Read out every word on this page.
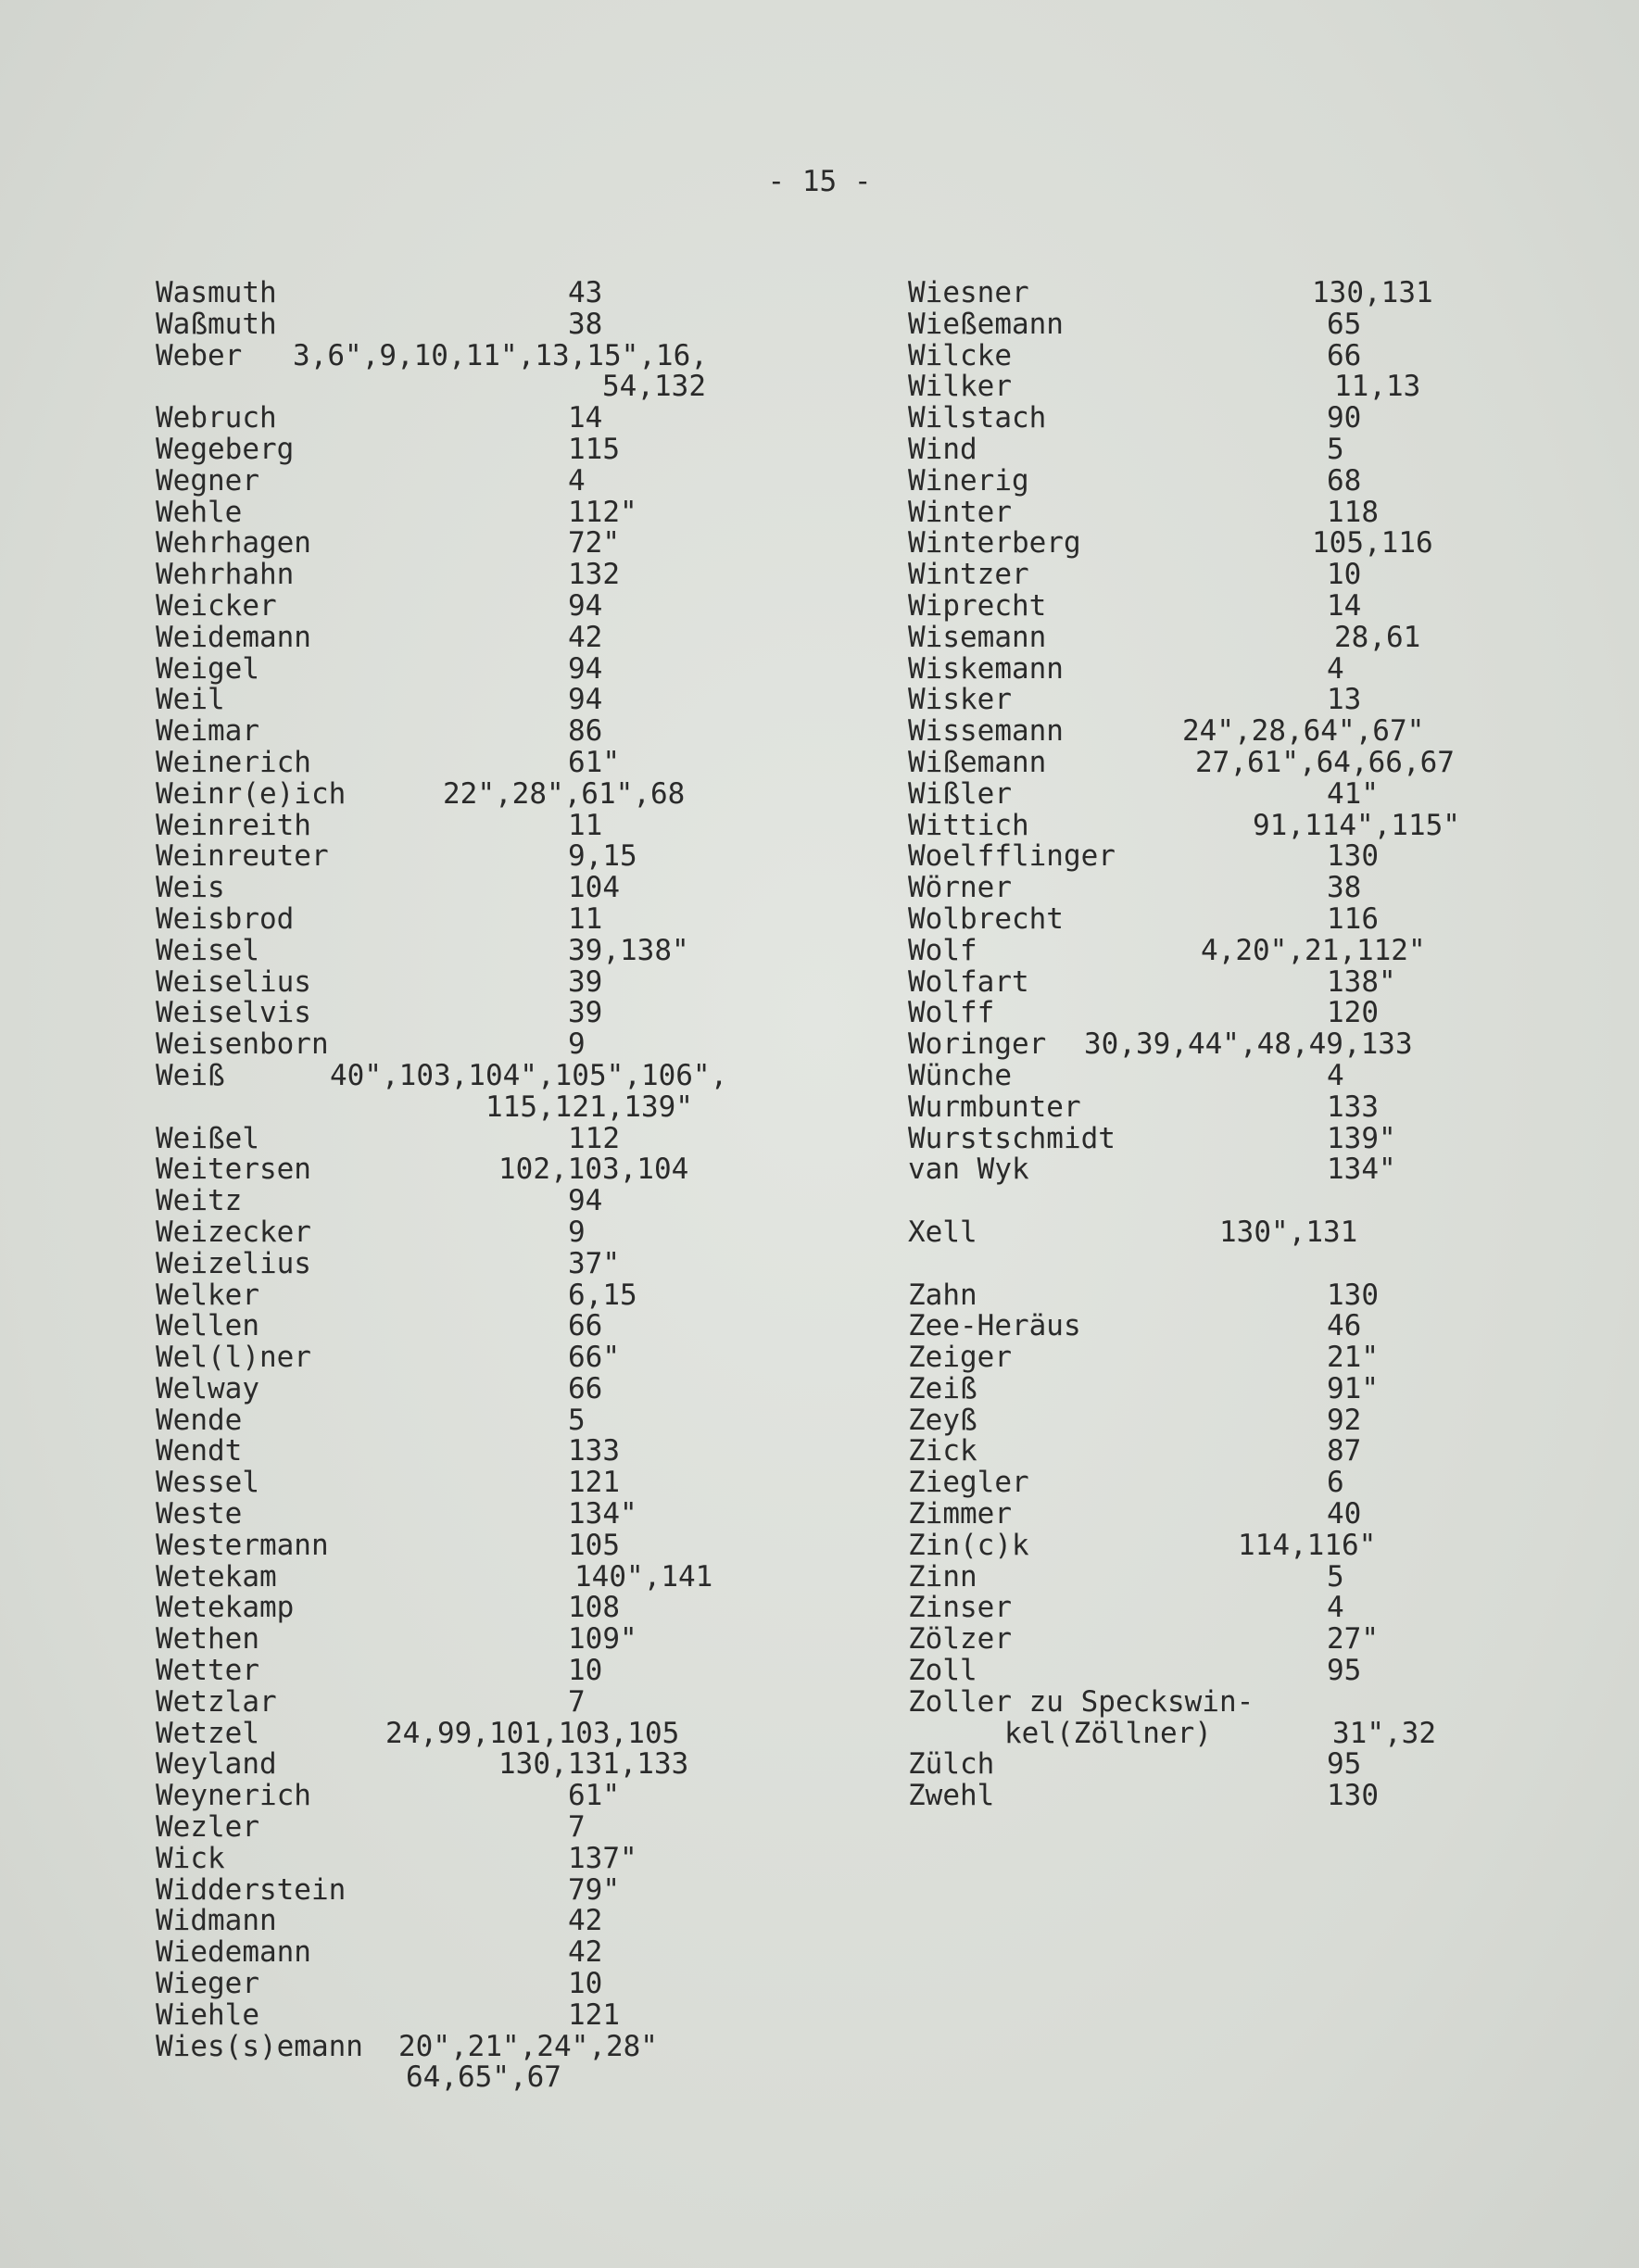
- 15 -
Wasmuth	43
Waßmuth	38
Weber 3,6",9,10,11",13,15",16,
54,132
Webruch	14
Wegeberg	115
Wegner	4
Wehle	112"
Wehrhagen	72"
Wehrhahn	132
Weicker	94
Weidemann	42
Weigel	94
Weil	94
Weimar	86
Weinerich	61"
Weinr(e)ich	22",28",61",68
Weinreith	11
Weinreuter	9,15
Weis	104
Weisbrod	11
Weisel	39,138"
Weiselius	39
Weiselvis	39
Weisenborn	9
Weiß	40",103,104",105",106",
115,121,139"
Weißel	112
Weitersen	102,103,104
Weitz	94
Weizecker	9
Weizelius	37"
Welker	6,15
Wellen	66
Wel(l)ner	66"
Welway	66
Wende	5
Wendt	133
Wessel	121
Weste	134"
Westermann	105
Wetekam	140",141
Wetekamp	108
Wethen	109"
Wetter	10
Wetzlar	7
Wetzel	24,99,101,103,105
Weyland	130,131,133
Weynerich	61"
Wezler	7
Wick	137"
Widderstein	79"
Widmann	42
Wiedemann	42
Wieger	10
Wiehle	121
Wies(s)emann 20",21",24",28"
64,65",67
Wiesner	130,131
Wießemann	65
Wilcke	66
Wilker	11,13
Wilstach	90
Wind	5
Winerig	68
Winter	118
Winterberg	105,116
Wintzer	10
Wiprecht	14
Wisemann	28,61
Wiskemann	4
Wisker	13
Wissemann	24",28,64",67"
Wißemann	27,61",64,66,67
Wißler	41"
Wittich	91,114",115"
Woelfflinger	130
Wörner	38
Wolbrecht	116
Wolf	4,20",21,112"
Wolfart	138"
Wolff	120
Woringer 30,39,44",48,49,133
Wünche	4
Wurmbunter	133
Wurstschmidt	139"
van Wyk	134"
Xell	130",131
Zahn	130
Zee-Heräus	46
Zeiger	21"
Zeiß	91"
Zeyß	92
Zick	87
Ziegler	6
Zimmer	40
Zin(c)k	114,116"
Zinn	5
Zinser	4
Zölzer	27"
Zoll	95
Zoller zu Speckswin-
kel(Zöllner)	31",32
Zülch	95
Zwehl	130
